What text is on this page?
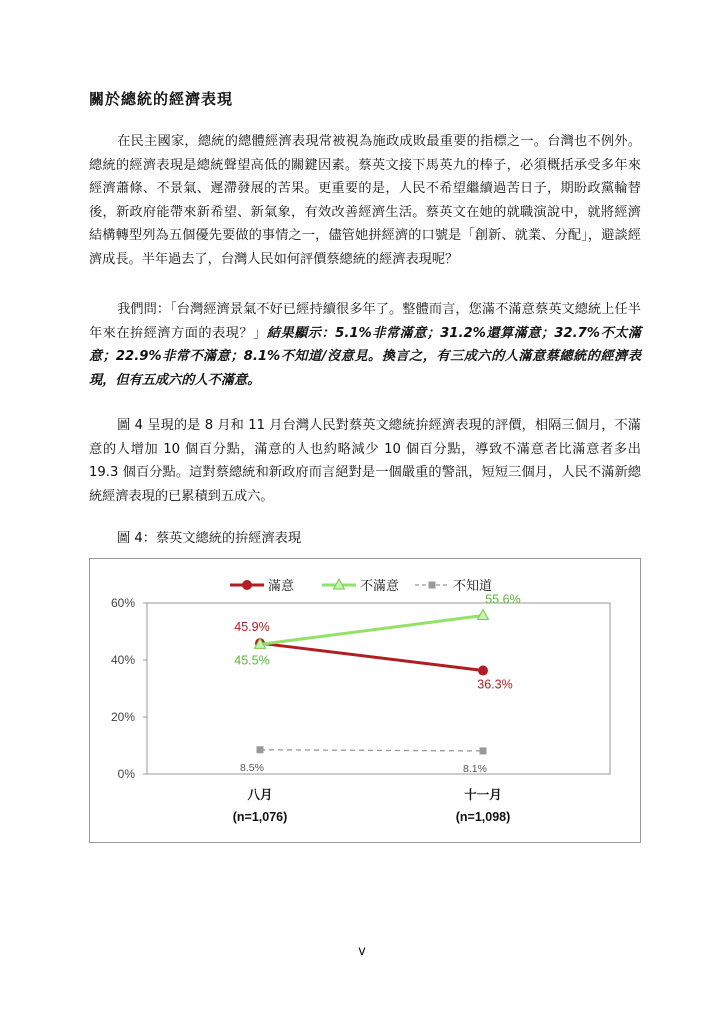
關於總統的經濟表現
在民主國家，總統的總體經濟表現常被視為施政成敗最重要的指標之一。台灣也不例外。總統的經濟表現是總統聲望高低的關鍵因素。蔡英文接下馬英九的棒子，必須概括承受多年來經濟蕭條、不景氣、遲滯發展的苦果。更重要的是，人民不希望繼續過苦日子，期盼政黨輪替後，新政府能帶來新希望、新氣象，有效改善經濟生活。蔡英文在她的就職演說中，就將經濟結構轉型列為五個優先要做的事情之一，儘管她拼經濟的口號是「創新、就業、分配」，避談經濟成長。半年過去了，台灣人民如何評價蔡總統的經濟表現呢？
我們問：「台灣經濟景氣不好已經持續很多年了。整體而言，您滿不滿意蔡英文總統上任半年來在拚經濟方面的表現？」結果顯示：5.1%非常滿意；31.2%還算滿意；32.7%不太滿意；22.9%非常不滿意；8.1%不知道/沒意見。換言之，有三成六的人滿意蔡總統的經濟表現，但有五成六的人不滿意。
圖 4 呈現的是 8 月和 11 月台灣人民對蔡英文總統拚經濟表現的評價，相隔三個月，不滿意的人增加 10 個百分點，滿意的人也約略減少 10 個百分點，導致不滿意者比滿意者多出 19.3 個百分點。這對蔡總統和新政府而言絕對是一個嚴重的警訊，短短三個月，人民不滿新總統經濟表現的已累積到五成六。
圖 4：蔡英文總統的拚經濟表現
滿意	不滿意	不知道
0%
20%
40%
60%
八月
(n=1,076)
十一月
(n=1,098)
45.9%
36.3%
45.5%
55.6%
8.5%	8.1%
v
